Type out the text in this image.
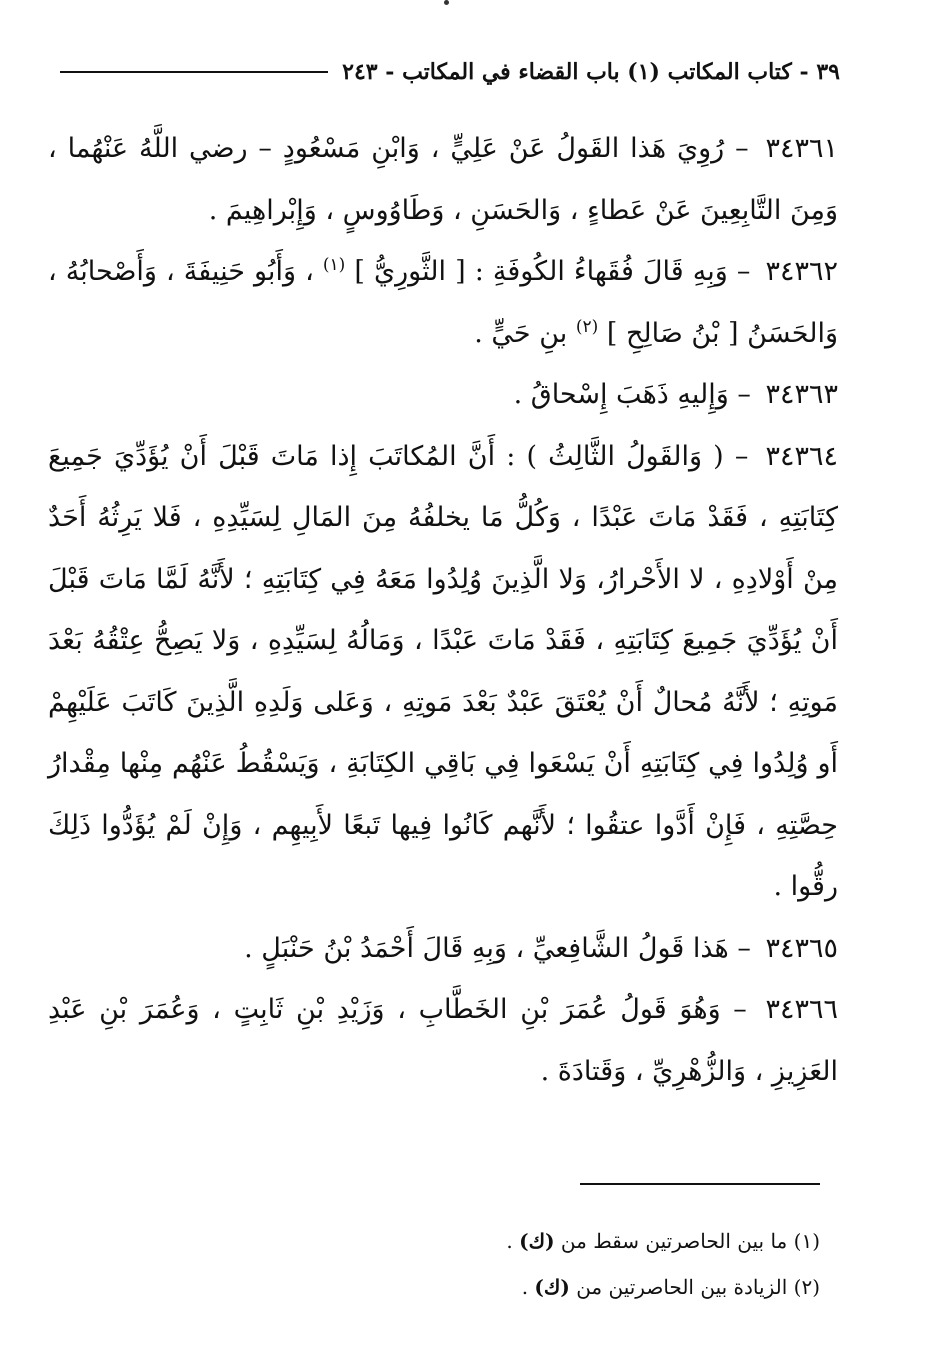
٣٩ - كتاب المكاتب (١) باب القضاء في المكاتب - ٢٤٣

٣٤٣٦١ – رُوِيَ هَذا القَولُ عَنْ عَلِيٍّ ، وَابْنِ مَسْعُودٍ – رضي اللَّهُ عَنْهُما ، وَمِنَ التَّابِعِينَ عَنْ عَطاءٍ ، وَالحَسَنِ ، وَطَاوُوسٍ ، وَإِبْراهِيمَ .

٣٤٣٦٢ – وَبِهِ قَالَ فُقَهاءُ الكُوفَةِ : [ الثَّورِيُّ ] $^{(١)}$ ، وَأَبُو حَنِيفَةَ ، وَأَصْحابُهُ ، وَالحَسَنُ [ بْنُ صَالِحِ ] $^{(٢)}$ بنِ حَيٍّ .

٣٤٣٦٣ – وَإِليهِ ذَهَبَ إِسْحاقُ .

٣٤٣٦٤ – ( وَالقَولُ الثَّالِثُ ) : أَنَّ المُكاتَبَ إِذا مَاتَ قَبْلَ أَنْ يُؤَدِّيَ جَمِيعَ كِتَابَتِهِ ، فَقَدْ مَاتَ عَبْدًا ، وَكُلُّ مَا يخلفُهُ مِنَ المَالِ لِسَيِّدِهِ ، فَلا يَرِثُهُ أَحَدٌ مِنْ أَوْلادِهِ ، لا الأَحْرارُ، وَلا الَّذِينَ وُلِدُوا مَعَهُ فِي كِتَابَتِهِ ؛ لأَنَّهُ لَمَّا مَاتَ قَبْلَ أَنْ يُؤَدِّيَ جَمِيعَ كِتَابَتِهِ ، فَقَدْ مَاتَ عَبْدًا ، وَمَالُهُ لِسَيِّدِهِ ، وَلا يَصِحُّ عِتْقُهُ بَعْدَ مَوتِهِ ؛ لأَنَّهُ مُحالٌ أَنْ يُعْتَقَ عَبْدٌ بَعْدَ مَوتِهِ ، وَعَلى وَلَدِهِ الَّذِينَ كَاتَبَ عَلَيْهِمْ أَو وُلِدُوا فِي كِتَابَتِهِ أَنْ يَسْعَوا فِي بَاقِي الكِتَابَةِ ، وَيَسْقُطُ عَنْهُم مِنْها مِقْدارُ حِصَّتِهِ ، فَإِنْ أَدَّوا عتقُوا ؛ لأَنَّهم كَانُوا فِيها تَبعًا لأَبِيهِم ، وَإِنْ لَمْ يُؤَدُّوا ذَلِكَ رقُّوا .

٣٤٣٦٥ – هَذا قَولُ الشَّافِعيِّ ، وَبِهِ قَالَ أَحْمَدُ بْنُ حَنْبَلٍ .

٣٤٣٦٦ – وَهُوَ قَولُ عُمَرَ بْنِ الخَطَّابِ ، وَزَيْدِ بْنِ ثَابِتٍ ، وَعُمَرَ بْنِ عَبْدِ العَزِيزِ ، وَالزُّهْرِيِّ ، وَقَتادَةَ .

(١) ما بين الحاصرتين سقط من (ك) .

(٢) الزيادة بين الحاصرتين من (ك) .
